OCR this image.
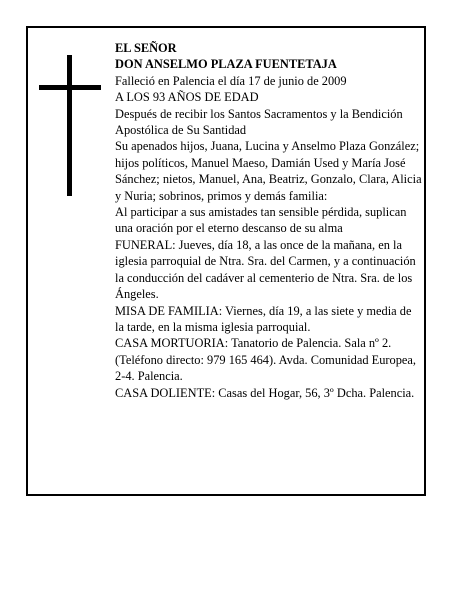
EL SEÑOR

DON ANSELMO PLAZA FUENTETAJA

Falleció en Palencia el día 17 de junio de 2009

A LOS 93 AÑOS DE EDAD

Después de recibir los Santos Sacramentos y la Bendición Apostólica de Su Santidad

Su apenados hijos, Juana, Lucina y Anselmo Plaza González; hijos políticos, Manuel Maeso, Damián Used y María José Sánchez; nietos, Manuel, Ana, Beatriz, Gonzalo, Clara, Alicia y Nuria; sobrinos, primos y demás familia:

Al participar a sus amistades tan sensible pérdida, suplican una oración por el eterno descanso de su alma

FUNERAL: Jueves, día 18, a las once de la mañana, en la iglesia parroquial de Ntra. Sra. del Carmen, y a continuación la conducción del cadáver al cementerio de Ntra. Sra. de los Ángeles.

MISA DE FAMILIA: Viernes, día 19, a las siete y media de la tarde, en la misma iglesia parroquial.

CASA MORTUORIA: Tanatorio de Palencia. Sala nº 2. (Teléfono directo: 979 165 464). Avda. Comunidad Europea, 2-4. Palencia.

CASA DOLIENTE: Casas del Hogar, 56, 3º Dcha. Palencia.
